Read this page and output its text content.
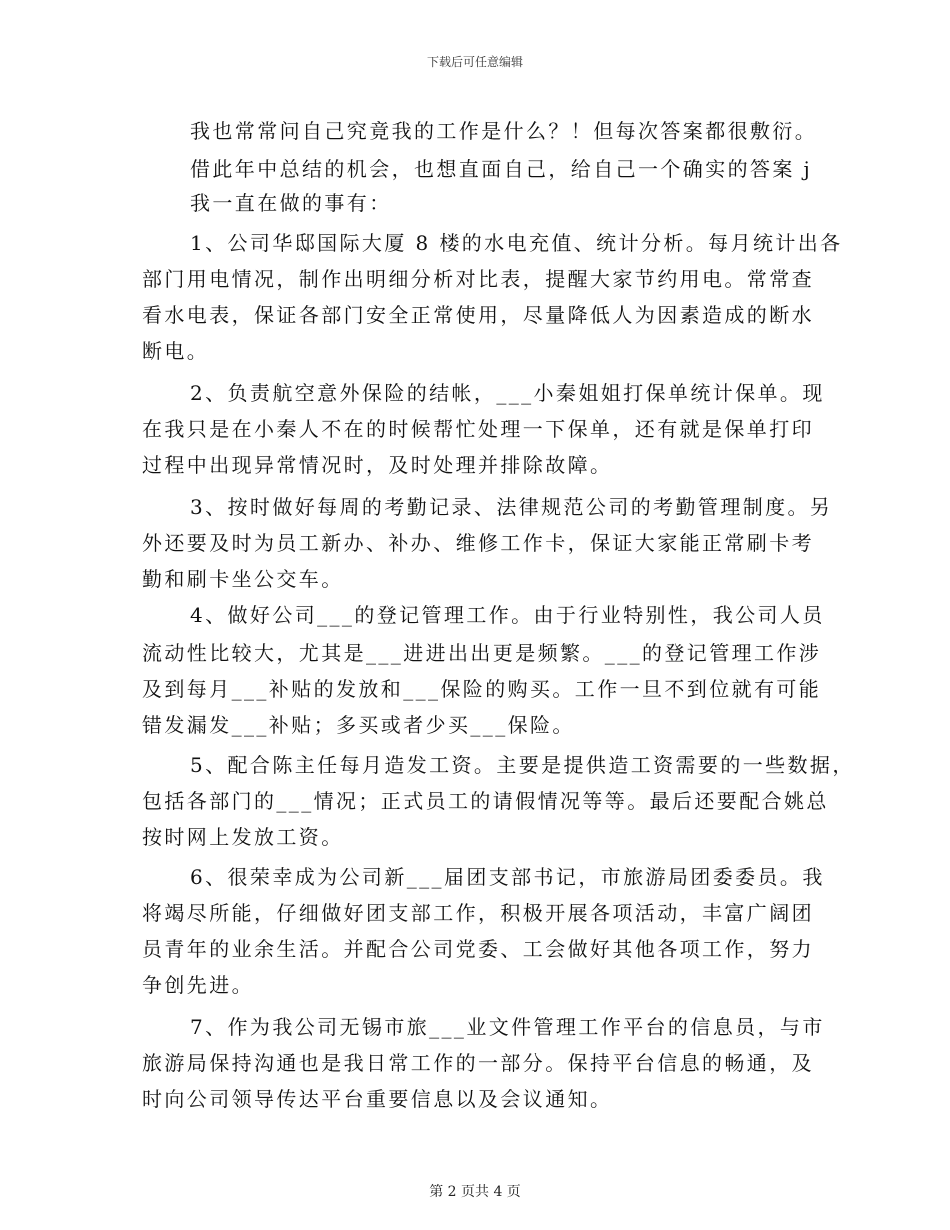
下载后可任意编辑
我也常常问自己究竟我的工作是什么？！但每次答案都很敷衍。
借此年中总结的机会，也想直面自己，给自己一个确实的答案 j
我一直在做的事有：
1、公司华邸国际大厦 8 楼的水电充值、统计分析。每月统计出各
部门用电情况，制作出明细分析对比表，提醒大家节约用电。常常查
看水电表，保证各部门安全正常使用，尽量降低人为因素造成的断水
断电。
2、负责航空意外保险的结帐，___小秦姐姐打保单统计保单。现
在我只是在小秦人不在的时候帮忙处理一下保单，还有就是保单打印
过程中出现异常情况时，及时处理并排除故障。
3、按时做好每周的考勤记录、法律规范公司的考勤管理制度。另
外还要及时为员工新办、补办、维修工作卡，保证大家能正常刷卡考
勤和刷卡坐公交车。
4、做好公司___的登记管理工作。由于行业特别性，我公司人员
流动性比较大，尤其是___进进出出更是频繁。___的登记管理工作涉
及到每月___补贴的发放和___保险的购买。工作一旦不到位就有可能
错发漏发___补贴；多买或者少买___保险。
5、配合陈主任每月造发工资。主要是提供造工资需要的一些数据，
包括各部门的___情况；正式员工的请假情况等等。最后还要配合姚总
按时网上发放工资。
6、很荣幸成为公司新___届团支部书记，市旅游局团委委员。我
将竭尽所能，仔细做好团支部工作，积极开展各项活动，丰富广阔团
员青年的业余生活。并配合公司党委、工会做好其他各项工作，努力
争创先进。
7、作为我公司无锡市旅___业文件管理工作平台的信息员，与市
旅游局保持沟通也是我日常工作的一部分。保持平台信息的畅通，及
时向公司领导传达平台重要信息以及会议通知。
第 2 页共 4 页
